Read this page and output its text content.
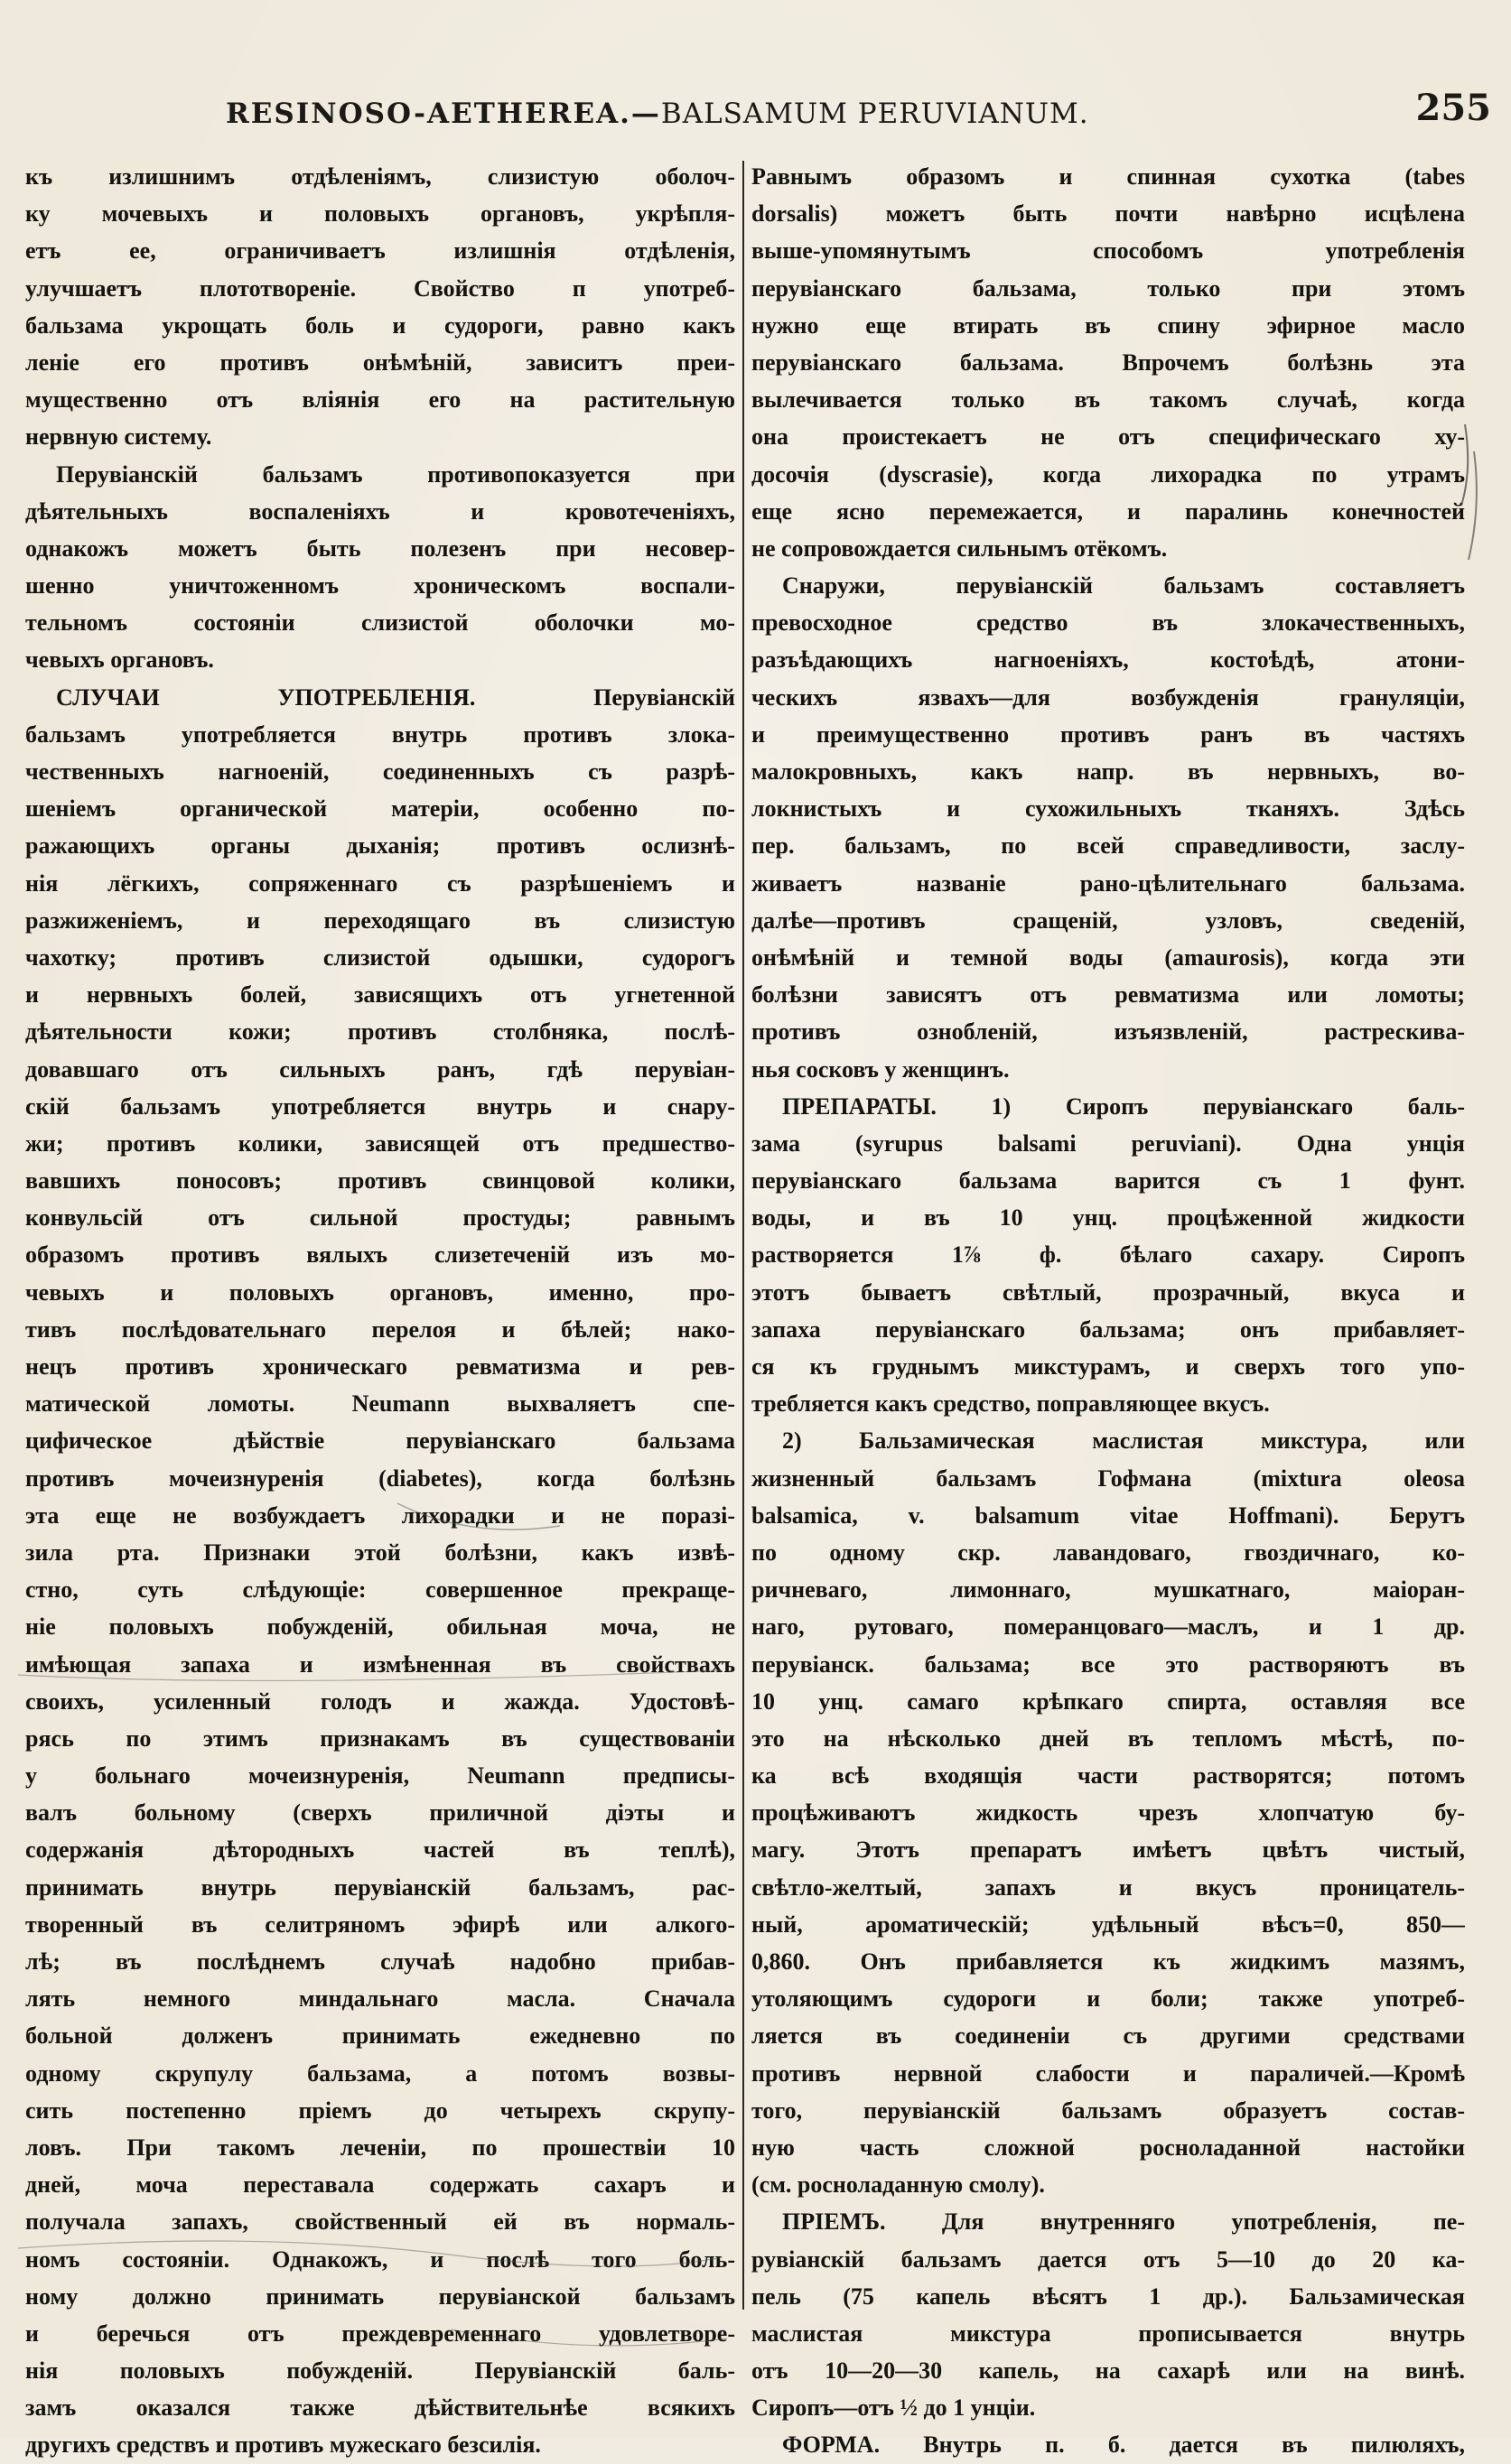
RESINOSO-AETHEREA.—BALSAMUM PERUVIANUM.	255
къ излишнимъ отдѣленіямъ, слизистую оболоч-
ку мочевыхъ и половыхъ органовъ, укрѣпля-
етъ ее, ограничиваетъ излишнія отдѣленія,
улучшаетъ плототвореніе. Свойство п употреб-
бальзама укрощать боль и судороги, равно какъ
леніе его противъ онѣмѣній, зависитъ преи-
мущественно отъ вліянія его на растительную
нервную систему.
Перувіанскій бальзамъ противопоказуется при
дѣятельныхъ воспаленіяхъ и кровотеченіяхъ,
однакожъ можетъ быть полезенъ при несовер-
шенно уничтоженномъ хроническомъ воспали-
тельномъ состояніи слизистой оболочки мо-
чевыхъ органовъ.
СЛУЧАИ УПОТРЕБЛЕНІЯ. Перувіанскій
бальзамъ употребляется внутрь противъ злока-
чественныхъ нагноеній, соединенныхъ съ разрѣ-
шеніемъ органической матеріи, особенно по-
ражающихъ органы дыханія; противъ ослизнѣ-
нія лёгкихъ, сопряженнаго съ разрѣшеніемъ и
разжиженіемъ, и переходящаго въ слизистую
чахотку; противъ слизистой одышки, судорогъ
и нервныхъ болей, зависящихъ отъ угнетенной
дѣятельности кожи; противъ столбняка, послѣ-
довавшаго отъ сильныхъ ранъ, гдѣ перувіан-
скій бальзамъ употребляется внутрь и снару-
жи; противъ колики, зависящей отъ предшество-
вавшихъ поносовъ; противъ свинцовой колики,
конвульсій отъ сильной простуды; равнымъ
образомъ противъ вялыхъ слизетеченій изъ мо-
чевыхъ и половыхъ органовъ, именно, про-
тивъ послѣдовательнаго перелоя и бѣлей; нако-
нецъ противъ хроническаго ревматизма и рев-
матической ломоты. Neumann выхваляетъ спе-
цифическое дѣйствіе перувіанскаго бальзама
противъ мочеизнуренія (diabetes), когда болѣзнь
эта еще не возбуждаетъ лихорадки и не поразі-
зила рта. Признаки этой болѣзни, какъ извѣ-
стно, суть слѣдующіе: совершенное прекраще-
ніе половыхъ побужденій, обильная моча, не
имѣющая запаха и измѣненная въ свойствахъ
своихъ, усиленный голодъ и жажда. Удостовѣ-
рясь по этимъ признакамъ въ существованіи
у больнаго мочеизнуренія, Neumann предписы-
валъ больному (сверхъ приличной діэты и
содержанія дѣтородныхъ частей въ теплѣ),
принимать внутрь перувіанскій бальзамъ, рас-
творенный въ селитряномъ эфирѣ или алкого-
лѣ; въ послѣднемъ случаѣ надобно прибав-
лять немного миндальнаго масла. Сначала
больной долженъ принимать ежедневно по
одному скрупулу бальзама, а потомъ возвы-
сить постепенно пріемъ до четырехъ скрупу-
ловъ. При такомъ леченіи, по прошествіи 10
дней, моча переставала содержать сахаръ и
получала запахъ, свойственный ей въ нормаль-
номъ состояніи. Однакожъ, и послѣ того боль-
ному должно принимать перувіанской бальзамъ
и беречься отъ преждевременнаго удовлетворе-
нія половыхъ побужденій. Перувіанскій баль-
замъ оказался также дѣйствительнѣе всякихъ
другихъ средствъ и противъ мужескаго безсилія.
Равнымъ образомъ и спинная сухотка (tabes
dorsalis) можетъ быть почти навѣрно исцѣлена
выше-упомянутымъ способомъ употребленія
перувіанскаго бальзама, только при этомъ
нужно еще втирать въ спину эфирное масло
перувіанскаго бальзама. Впрочемъ болѣзнь эта
вылечивается только въ такомъ случаѣ, когда
она проистекаетъ не отъ специфическаго ху-
досочія (dyscrasie), когда лихорадка по утрамъ
еще ясно перемежается, и паралинь конечностей
не сопровождается сильнымъ отёкомъ.
Снаружи, перувіанскій бальзамъ составляетъ
превосходное средство въ злокачественныхъ,
разъѣдающихъ нагноеніяхъ, костоѣдѣ, атони-
ческихъ язвахъ—для возбужденія грануляціи,
и преимущественно противъ ранъ въ частяхъ
малокровныхъ, какъ напр. въ нервныхъ, во-
локнистыхъ и сухожильныхъ тканяхъ. Здѣсь
пер. бальзамъ, по всей справедливости, заслу-
живаетъ названіе рано-цѣлительнаго бальзама.
далѣе—противъ сращеній, узловъ, сведеній,
онѣмѣній и темной воды (amaurosis), когда эти
болѣзни зависятъ отъ ревматизма или ломоты;
противъ ознобленій, изъязвленій, растрескива-
нья сосковъ у женщинъ.
ПРЕПАРАТЫ. 1) Сиропъ перувіанскаго баль-
зама (syrupus balsami peruviani). Одна унція
перувіанскаго бальзама варится съ 1 фунт.
воды, и въ 10 унц. процѣженной жидкости
растворяется 1⅞ ф. бѣлаго сахару. Сиропъ
этотъ бываетъ свѣтлый, прозрачный, вкуса и
запаха перувіанскаго бальзама; онъ прибавляет-
ся къ груднымъ микстурамъ, и сверхъ того упо-
требляется какъ средство, поправляющее вкусъ.
2) Бальзамическая маслистая микстура, или
жизненный бальзамъ Гофмана (mixtura oleosa
balsamica, v. balsamum vitae Hoffmani). Берутъ
по одному скр. лавандоваго, гвоздичнаго, ко-
ричневаго, лимоннаго, мушкатнаго, маіоран-
наго, рутоваго, померанцоваго—маслъ, и 1 др.
перувіанск. бальзама; все это растворяютъ въ
10 унц. самаго крѣпкаго спирта, оставляя все
это на нѣсколько дней въ тепломъ мѣстѣ, по-
ка всѣ входящія части растворятся; потомъ
процѣживаютъ жидкость чрезъ хлопчатую бу-
магу. Этотъ препаратъ имѣетъ цвѣтъ чистый,
свѣтло-желтый, запахъ и вкусъ проницатель-
ный, ароматическій; удѣльный вѣсъ=0, 850—
0,860. Онъ прибавляется къ жидкимъ мазямъ,
утоляющимъ судороги и боли; также употреб-
ляется въ соединеніи съ другими средствами
противъ нервной слабости и параличей.—Кромѣ
того, перувіанскій бальзамъ образуетъ состав-
ную часть сложной росноладанной настойки
(см. росноладанную смолу).
ПРІЕМЪ. Для внутренняго употребленія, пе-
рувіанскій бальзамъ дается отъ 5—10 до 20 ка-
пель (75 капель вѣсятъ 1 др.). Бальзамическая
маслистая микстура прописывается внутрь
отъ 10—20—30 капель, на сахарѣ или на винѣ.
Сиропъ—отъ ½ до 1 унціи.
ФОРМА. Внутрь п. б. дается въ пилюляхъ,
